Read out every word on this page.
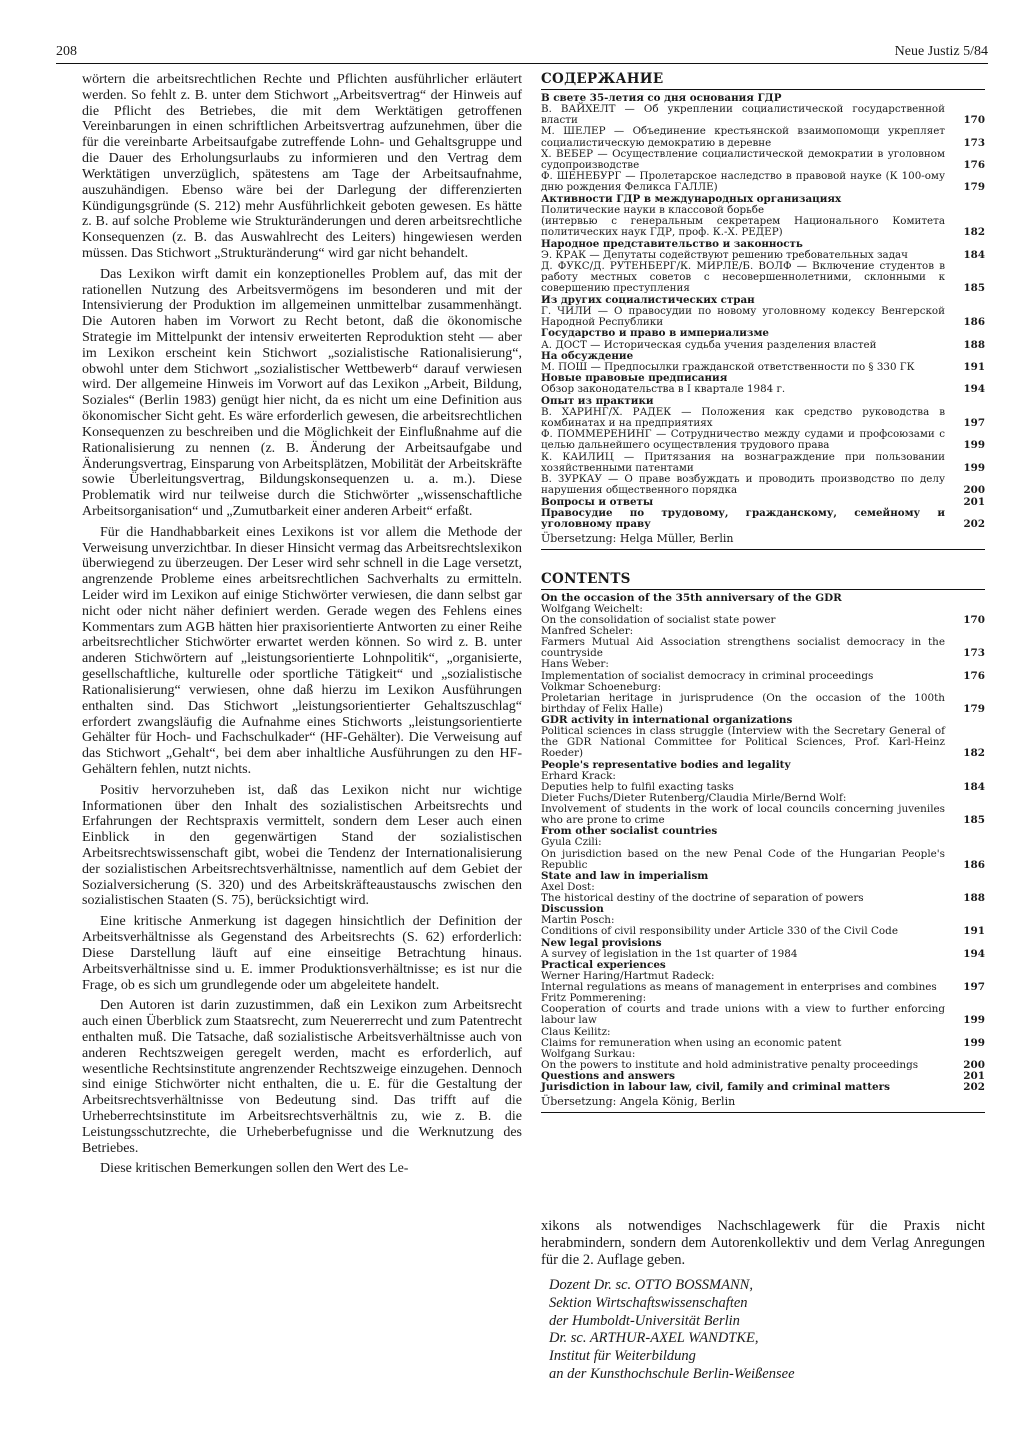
208	Neue Justiz 5/84

wörtern die arbeitsrechtlichen Rechte und Pflichten ausführlicher erläutert werden. So fehlt z. B. unter dem Stichwort „Arbeitsvertrag“ der Hinweis auf die Pflicht des Betriebes, die mit dem Werktätigen getroffenen Vereinbarungen in einen schriftlichen Arbeitsvertrag aufzunehmen, über die für die vereinbarte Arbeitsaufgabe zutreffende Lohn- und Gehaltsgruppe und die Dauer des Erholungsurlaubs zu informieren und den Vertrag dem Werktätigen unverzüglich, spätestens am Tage der Arbeitsaufnahme, auszuhändigen. Ebenso wäre bei der Darlegung der differenzierten Kündigungsgründe (S. 212) mehr Ausführlichkeit geboten gewesen. Es hätte z. B. auf solche Probleme wie Strukturänderungen und deren arbeitsrechtliche Konsequenzen (z. B. das Auswahlrecht des Leiters) hingewiesen werden müssen. Das Stichwort „Strukturänderung“ wird gar nicht behandelt.

Das Lexikon wirft damit ein konzeptionelles Problem auf, das mit der rationellen Nutzung des Arbeitsvermögens im besonderen und mit der Intensivierung der Produktion im allgemeinen unmittelbar zusammenhängt. Die Autoren haben im Vorwort zu Recht betont, daß die ökonomische Strategie im Mittelpunkt der intensiv erweiterten Reproduktion steht — aber im Lexikon erscheint kein Stichwort „sozialistische Rationalisierung“, obwohl unter dem Stichwort „sozialistischer Wettbewerb“ darauf verwiesen wird. Der allgemeine Hinweis im Vorwort auf das Lexikon „Arbeit, Bildung, Soziales“ (Berlin 1983) genügt hier nicht, da es nicht um eine Definition aus ökonomischer Sicht geht. Es wäre erforderlich gewesen, die arbeitsrechtlichen Konsequenzen zu beschreiben und die Möglichkeit der Einflußnahme auf die Rationalisierung zu nennen (z. B. Änderung der Arbeitsaufgabe und Änderungsvertrag, Einsparung von Arbeitsplätzen, Mobilität der Arbeitskräfte sowie Überleitungsvertrag, Bildungskonsequenzen u. a. m.). Diese Problematik wird nur teilweise durch die Stichwörter „wissenschaftliche Arbeitsorganisation“ und „Zumutbarkeit einer anderen Arbeit“ erfaßt.

Für die Handhabbarkeit eines Lexikons ist vor allem die Methode der Verweisung unverzichtbar. In dieser Hinsicht vermag das Arbeitsrechtslexikon überwiegend zu überzeugen. Der Leser wird sehr schnell in die Lage versetzt, angrenzende Probleme eines arbeitsrechtlichen Sachverhalts zu ermitteln. Leider wird im Lexikon auf einige Stichwörter verwiesen, die dann selbst gar nicht oder nicht näher definiert werden. Gerade wegen des Fehlens eines Kommentars zum AGB hätten hier praxisorientierte Antworten zu einer Reihe arbeitsrechtlicher Stichwörter erwartet werden können. So wird z. B. unter anderen Stichwörtern auf „leistungsorientierte Lohnpolitik“, „organisierte, gesellschaftliche, kulturelle oder sportliche Tätigkeit“ und „sozialistische Rationalisierung“ verwiesen, ohne daß hierzu im Lexikon Ausführungen enthalten sind. Das Stichwort „leistungsorientierter Gehaltszuschlag“ erfordert zwangsläufig die Aufnahme eines Stichworts „leistungsorientierte Gehälter für Hoch- und Fachschulkader“ (HF-Gehälter). Die Verweisung auf das Stichwort „Gehalt“, bei dem aber inhaltliche Ausführungen zu den HF-Gehältern fehlen, nutzt nichts.

Positiv hervorzuheben ist, daß das Lexikon nicht nur wichtige Informationen über den Inhalt des sozialistischen Arbeitsrechts und Erfahrungen der Rechtspraxis vermittelt, sondern dem Leser auch einen Einblick in den gegenwärtigen Stand der sozialistischen Arbeitsrechtswissenschaft gibt, wobei die Tendenz der Internationalisierung der sozialistischen Arbeitsrechtsverhältnisse, namentlich auf dem Gebiet der Sozialversicherung (S. 320) und des Arbeitskräfteaustauschs zwischen den sozialistischen Staaten (S. 75), berücksichtigt wird.

Eine kritische Anmerkung ist dagegen hinsichtlich der Definition der Arbeitsverhältnisse als Gegenstand des Arbeitsrechts (S. 62) erforderlich: Diese Darstellung läuft auf eine einseitige Betrachtung hinaus. Arbeitsverhältnisse sind u. E. immer Produktionsverhältnisse; es ist nur die Frage, ob es sich um grundlegende oder um abgeleitete handelt.

Den Autoren ist darin zuzustimmen, daß ein Lexikon zum Arbeitsrecht auch einen Überblick zum Staatsrecht, zum Neuererrecht und zum Patentrecht enthalten muß. Die Tatsache, daß sozialistische Arbeitsverhältnisse auch von anderen Rechtszweigen geregelt werden, macht es erforderlich, auf wesentliche Rechtsinstitute angrenzender Rechtszweige einzugehen. Dennoch sind einige Stichwörter nicht enthalten, die u. E. für die Gestaltung der Arbeitsrechtsverhältnisse von Bedeutung sind. Das trifft auf die Urheberrechtsinstitute im Arbeitsrechtsverhältnis zu, wie z. B. die Leistungsschutzrechte, die Urheberbefugnisse und die Werknutzung des Betriebes.

Diese kritischen Bemerkungen sollen den Wert des Le-

СОДЕРЖАНИЕ
В свете 35-летия со дня основания ГДР
В. ВАЙХЕЛТ — Об укреплении социалистической государственной власти	170
М. ШЕЛЕР — Объединение крестьянской взаимопомощи укрепляет социалистическую демократию в деревне	173
Х. ВЕБЕР — Осуществление социалистической демократии в уголовном судопроизводстве	176
Ф. ШЕНЕБУРГ — Пролетарское наследство в правовой науке (К 100-ому дню рождения Феликса ГАЛЛЕ)	179
Активности ГДР в международных организациях
Политические науки в классовой борьбе
(интервью с генеральным секретарем Национального Комитета политических наук ГДР, проф. К.-Х. РЕДЕР)	182
Народное представительство и законность
Э. КРАК — Депутаты содействуют решению требовательных задач	184
Д. ФУКС/Д. РУТЕНБЕРГ/К. МИРЛЕ/Б. ВОЛФ — Включение студентов в работу местных советов с несовершеннолетними, склонными к совершению преступления	185
Из других социалистических стран
Г. ЧИЛИ — О правосудии по новому уголовному кодексу Венгерской Народной Республики	186
Государство и право в империализме
А. ДОСТ — Историческая судьба учения разделения властей	188
На обсуждение
М. ПОШ — Предпосылки гражданской ответственности по § 330 ГК	191
Новые правовые предписания
Обзор законодательства в I квартале 1984 г.	194
Опыт из практики
В. ХАРИНГ/Х. РАДЕК — Положения как средство руководства в комбинатах и на предприятиях	197
Ф. ПОММЕРЕНИНГ — Сотрудничество между судами и профсоюзами с целью дальнейшего осуществления трудового права	199
К. КАИЛИЦ — Притязания на вознаграждение при пользовании хозяйственными патентами	199
В. ЗУРКАУ — О праве возбуждать и проводить производство по делу нарушения общественного порядка	200
Вопросы и ответы	201
Правосудие по трудовому, гражданскому, семейному и уголовному праву	202
Übersetzung: Helga Müller, Berlin
CONTENTS
On the occasion of the 35th anniversary of the GDR
Wolfgang Weichelt:
On the consolidation of socialist state power	170
Manfred Scheler:
Farmers Mutual Aid Association strengthens socialist democracy in the countryside	173
Hans Weber:
Implementation of socialist democracy in criminal proceedings	176
Volkmar Schoeneburg:
Proletarian heritage in jurisprudence (On the occasion of the 100th birthday of Felix Halle)	179
GDR activity in international organizations
Political sciences in class struggle (Interview with the Secretary General of the GDR National Committee for Political Sciences, Prof. Karl-Heinz Roeder)	182
People's representative bodies and legality
Erhard Krack:
Deputies help to fulfil exacting tasks	184
Dieter Fuchs/Dieter Rutenberg/Claudia Mirle/Bernd Wolf:
Involvement of students in the work of local councils concerning juveniles who are prone to crime	185
From other socialist countries
Gyula Czili:
On jurisdiction based on the new Penal Code of the Hungarian People's Republic	186
State and law in imperialism
Axel Dost:
The historical destiny of the doctrine of separation of powers	188
Discussion
Martin Posch:
Conditions of civil responsibility under Article 330 of the Civil Code	191
New legal provisions
A survey of legislation in the 1st quarter of 1984	194
Practical experiences
Werner Haring/Hartmut Radeck:
Internal regulations as means of management in enterprises and combines	197
Fritz Pommerening:
Cooperation of courts and trade unions with a view to further enforcing labour law	199
Claus Keilitz:
Claims for remuneration when using an economic patent	199
Wolfgang Surkau:
On the powers to institute and hold administrative penalty proceedings	200
Questions and answers	201
Jurisdiction in labour law, civil, family and criminal matters	202
Übersetzung: Angela König, Berlin

xikons als notwendiges Nachschlagewerk für die Praxis nicht herabmindern, sondern dem Autorenkollektiv und dem Verlag Anregungen für die 2. Auflage geben.

Dozent Dr. sc. OTTO BOSSMANN,
Sektion Wirtschaftswissenschaften
der Humboldt-Universität Berlin
Dr. sc. ARTHUR-AXEL WANDTKE,
Institut für Weiterbildung
an der Kunsthochschule Berlin-Weißensee
